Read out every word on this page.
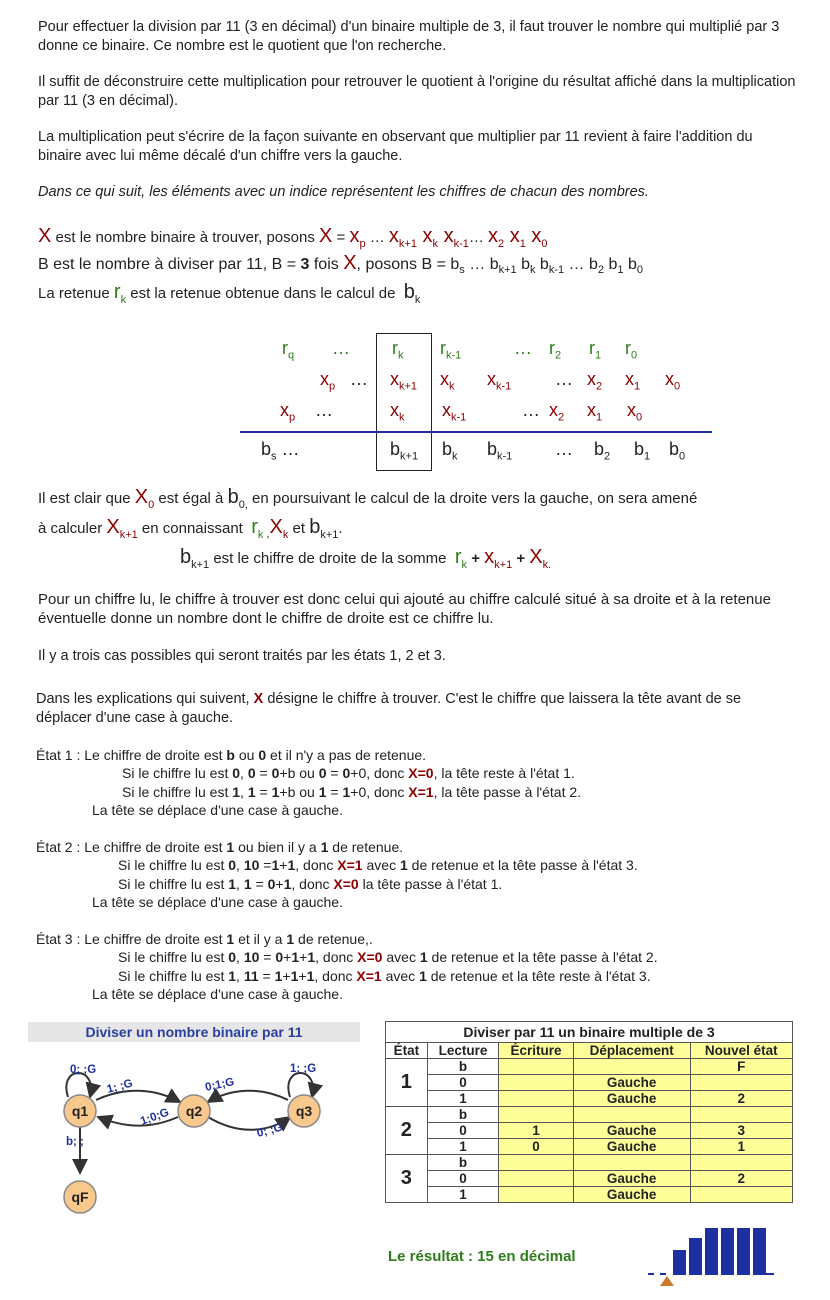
Pour effectuer la division par 11 (3 en décimal) d'un binaire multiple de 3, il faut trouver le nombre qui multiplié par 3 donne ce binaire. Ce nombre est le quotient que l'on recherche.

Il suffit de déconstruire cette multiplication pour retrouver le quotient à l'origine du résultat affiché dans la multiplication par 11 (3 en décimal).

La multiplication peut s'écrire de la façon suivante en observant que multiplier par 11 revient à faire l'addition du binaire avec lui même décalé d'un chiffre vers la gauche.

Dans ce qui suit, les éléments avec un indice représentent les chiffres de chacun des nombres.

X est le nombre binaire à trouver, posons $X = x_p$ … $x_{k+1}$ $x_k$ $x_{k-1}\dots$ $x_2$ $x_1$ $x_0$
B est le nombre à diviser par 11, B = 3 fois X, posons $B = b_s$ … $b_{k+1}$ $b_k$ $b_{k-1}$ … $b_2$ $b_1$ $b_0$
La retenue $r_k$ est la retenue obtenue dans le calcul de  $b_k$
$r_q$ … $r_k$ $r_{k-1}$	… $r_2$ $r_1$ $r_0$
$x_p$ … $x_{k+1}$ $x_k$ $x_{k-1}$ … $x_2$ $x_1$ $x_0$
$x_p$ …	$x_k$ $x_{k-1}$	… $x_2$ $x_1$ $x_0$
$b_s$ …	$b_{k+1}$ $b_k$ $b_{k-1}$ … $b_2$ $b_1$ $b_0$
Il est clair que $X_0$ est égal à $b_{0,}$ en poursuivant le calcul de la droite vers la gauche, on sera amené
à calculer $X_{k+1}$ en connaissant  $r_k$ $_,X_k$ et $b_{k+1}$.
$b_{k+1}$ est le chiffre de droite de la somme  $r_k + x_{k+1} + X_{k.}$

Pour un chiffre lu, le chiffre à trouver est donc celui qui ajouté au chiffre calculé situé à sa droite et à la retenue éventuelle donne un nombre dont le chiffre de droite est ce chiffre lu.

Il y a trois cas possibles qui seront traités par les états 1, 2 et 3.

Dans les explications qui suivent, X désigne le chiffre à trouver. C'est le chiffre que laissera la tête avant de se déplacer d'une case à gauche.

État 1 : Le chiffre de droite est b ou 0 et il n'y a pas de retenue.
Si le chiffre lu est 0, 0 = 0+b ou 0 = 0+0, donc X=0, la tête reste à l'état 1.
Si le chiffre lu est 1, 1 = 1+b ou 1 = 1+0, donc X=1, la tête passe à l'état 2.
La tête se déplace d'une case à gauche.
État 2 : Le chiffre de droite est 1 ou bien il y a 1 de retenue.
Si le chiffre lu est 0, 10 =1+1, donc X=1 avec 1 de retenue et la tête passe à l'état 3.
Si le chiffre lu est 1, 1 = 0+1, donc X=0 la tête passe à l'état 1.
La tête se déplace d'une case à gauche.
État 3 : Le chiffre de droite est 1 et il y a 1 de retenue,.
Si le chiffre lu est 0, 10 = 0+1+1, donc X=0 avec 1 de retenue et la tête passe à l'état 2.
Si le chiffre lu est 1, 11 = 1+1+1, donc X=1 avec 1 de retenue et la tête reste à l'état 3.
La tête se déplace d'une case à gauche.
Diviser un nombre binaire par 11
q1	q2	q3
qF
0; ;G
1; ;G
1;0;G
0;1;G
0; ;G
1; ;G
b; ;
Diviser par 11 un binaire multiple de 3				
État	Lecture	Écriture	Déplacement	Nouvel état
1	b			F
	0		Gauche	
	1		Gauche	2
2	b			
	0	1	Gauche	3
	1	0	Gauche	1
3	b			
	0		Gauche	2
	1		Gauche	
Le résultat : 15 en décimal
